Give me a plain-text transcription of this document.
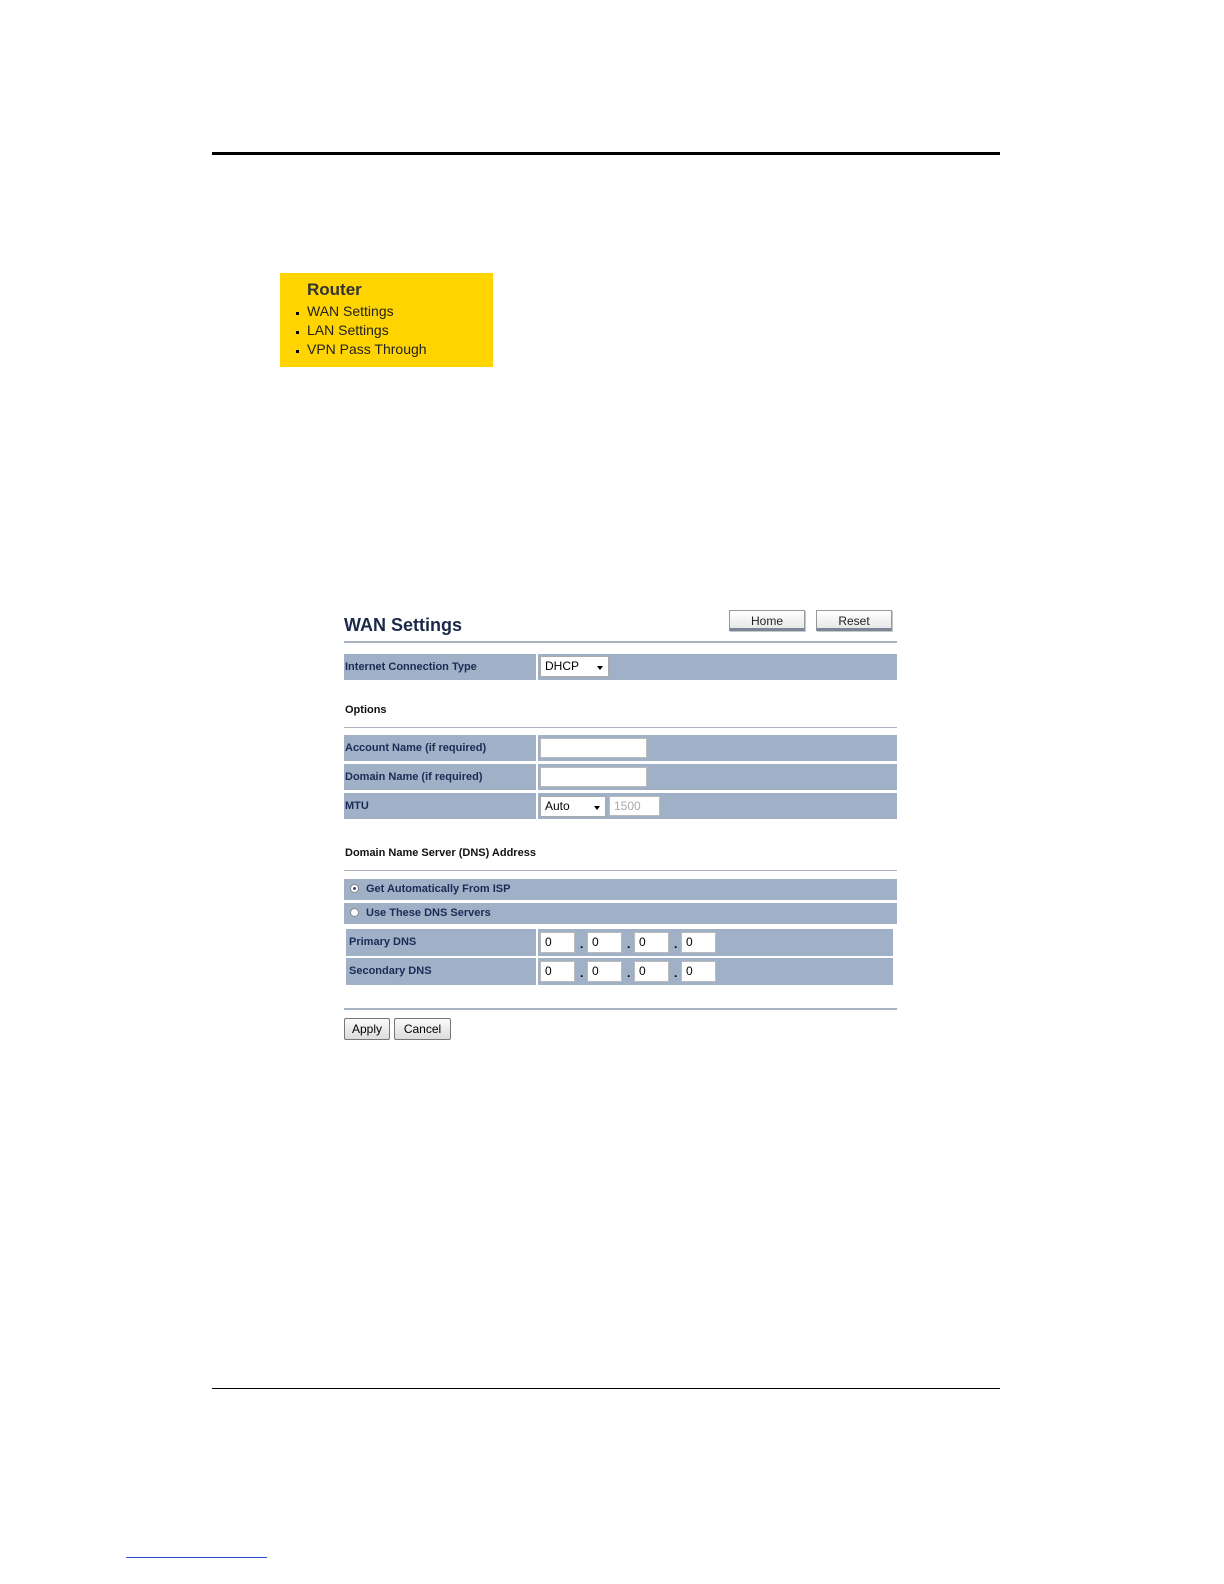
Router
WAN Settings
LAN Settings
VPN Pass Through
WAN Settings	Home	Reset
Internet Connection Type	DHCP
Options
Account Name (if required)
Domain Name (if required)
MTU	Auto	1500
Domain Name Server (DNS) Address
Get Automatically From ISP
Use These DNS Servers
Primary DNS	0	. 0	. 0	. 0
Secondary DNS	0	. 0	. 0	. 0
Apply	Cancel
